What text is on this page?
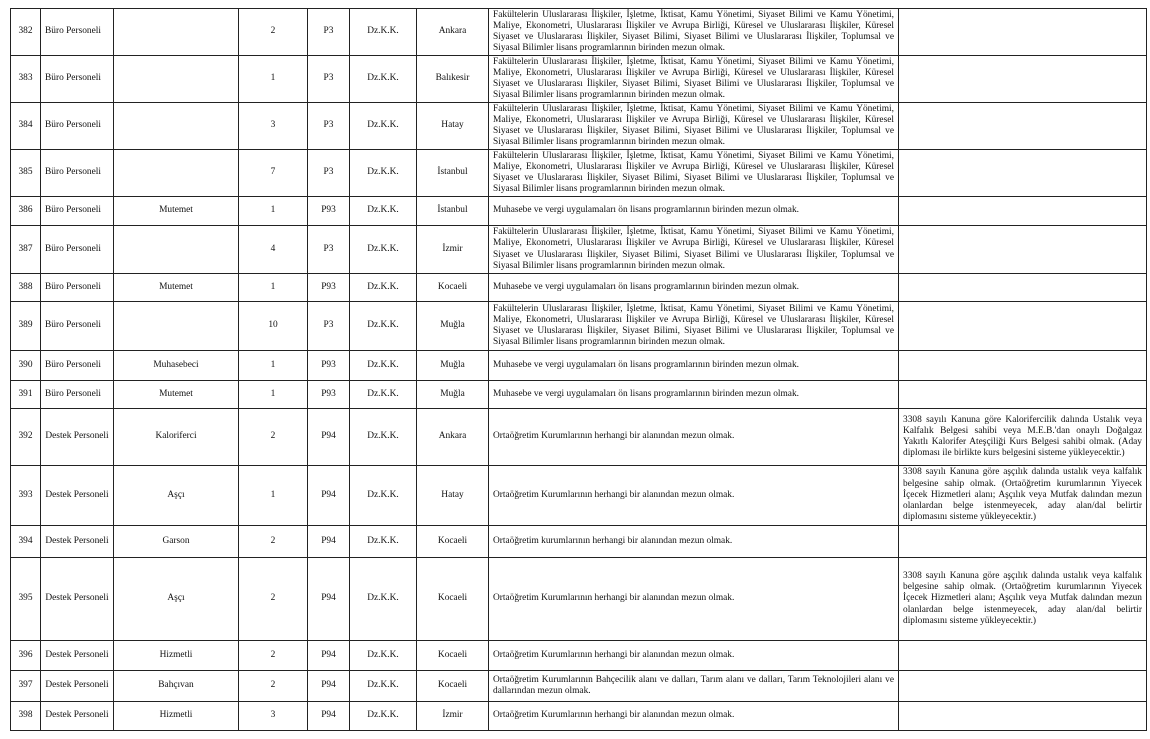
382	Büro Personeli		2	P3	Dz.K.K.	Ankara	Fakültelerin Uluslararası İlişkiler, İşletme, İktisat, Kamu Yönetimi, Siyaset Bilimi ve Kamu Yönetimi, Maliye, Ekonometri, Uluslararası İlişkiler ve Avrupa Birliği, Küresel ve Uluslararası İlişkiler, Küresel Siyaset ve Uluslararası İlişkiler, Siyaset Bilimi, Siyaset Bilimi ve Uluslararası İlişkiler, Toplumsal ve Siyasal Bilimler lisans programlarının birinden mezun olmak.	
383	Büro Personeli		1	P3	Dz.K.K.	Balıkesir	Fakültelerin Uluslararası İlişkiler, İşletme, İktisat, Kamu Yönetimi, Siyaset Bilimi ve Kamu Yönetimi, Maliye, Ekonometri, Uluslararası İlişkiler ve Avrupa Birliği, Küresel ve Uluslararası İlişkiler, Küresel Siyaset ve Uluslararası İlişkiler, Siyaset Bilimi, Siyaset Bilimi ve Uluslararası İlişkiler, Toplumsal ve Siyasal Bilimler lisans programlarının birinden mezun olmak.	
384	Büro Personeli		3	P3	Dz.K.K.	Hatay	Fakültelerin Uluslararası İlişkiler, İşletme, İktisat, Kamu Yönetimi, Siyaset Bilimi ve Kamu Yönetimi, Maliye, Ekonometri, Uluslararası İlişkiler ve Avrupa Birliği, Küresel ve Uluslararası İlişkiler, Küresel Siyaset ve Uluslararası İlişkiler, Siyaset Bilimi, Siyaset Bilimi ve Uluslararası İlişkiler, Toplumsal ve Siyasal Bilimler lisans programlarının birinden mezun olmak.	
385	Büro Personeli		7	P3	Dz.K.K.	İstanbul	Fakültelerin Uluslararası İlişkiler, İşletme, İktisat, Kamu Yönetimi, Siyaset Bilimi ve Kamu Yönetimi, Maliye, Ekonometri, Uluslararası İlişkiler ve Avrupa Birliği, Küresel ve Uluslararası İlişkiler, Küresel Siyaset ve Uluslararası İlişkiler, Siyaset Bilimi, Siyaset Bilimi ve Uluslararası İlişkiler, Toplumsal ve Siyasal Bilimler lisans programlarının birinden mezun olmak.	
386	Büro Personeli	Mutemet	1	P93	Dz.K.K.	İstanbul	Muhasebe ve vergi uygulamaları ön lisans programlarının birinden mezun olmak.	
387	Büro Personeli		4	P3	Dz.K.K.	İzmir	Fakültelerin Uluslararası İlişkiler, İşletme, İktisat, Kamu Yönetimi, Siyaset Bilimi ve Kamu Yönetimi, Maliye, Ekonometri, Uluslararası İlişkiler ve Avrupa Birliği, Küresel ve Uluslararası İlişkiler, Küresel Siyaset ve Uluslararası İlişkiler, Siyaset Bilimi, Siyaset Bilimi ve Uluslararası İlişkiler, Toplumsal ve Siyasal Bilimler lisans programlarının birinden mezun olmak.	
388	Büro Personeli	Mutemet	1	P93	Dz.K.K.	Kocaeli	Muhasebe ve vergi uygulamaları ön lisans programlarının birinden mezun olmak.	
389	Büro Personeli		10	P3	Dz.K.K.	Muğla	Fakültelerin Uluslararası İlişkiler, İşletme, İktisat, Kamu Yönetimi, Siyaset Bilimi ve Kamu Yönetimi, Maliye, Ekonometri, Uluslararası İlişkiler ve Avrupa Birliği, Küresel ve Uluslararası İlişkiler, Küresel Siyaset ve Uluslararası İlişkiler, Siyaset Bilimi, Siyaset Bilimi ve Uluslararası İlişkiler, Toplumsal ve Siyasal Bilimler lisans programlarının birinden mezun olmak.	
390	Büro Personeli	Muhasebeci	1	P93	Dz.K.K.	Muğla	Muhasebe ve vergi uygulamaları ön lisans programlarının birinden mezun olmak.	
391	Büro Personeli	Mutemet	1	P93	Dz.K.K.	Muğla	Muhasebe ve vergi uygulamaları ön lisans programlarının birinden mezun olmak.	
392	Destek Personeli	Kaloriferci	2	P94	Dz.K.K.	Ankara	Ortaöğretim Kurumlarının herhangi bir alanından mezun olmak.	3308 sayılı Kanuna göre Kalorifercilik dalında Ustalık veya Kalfalık Belgesi sahibi veya M.E.B.'dan onaylı Doğalgaz Yakıtlı Kalorifer Ateşçiliği Kurs Belgesi sahibi olmak. (Aday diploması ile birlikte kurs belgesini sisteme yükleyecektir.)
393	Destek Personeli	Aşçı	1	P94	Dz.K.K.	Hatay	Ortaöğretim Kurumlarının herhangi bir alanından mezun olmak.	3308 sayılı Kanuna göre aşçılık dalında ustalık veya kalfalık belgesine sahip olmak. (Ortaöğretim kurumlarının Yiyecek İçecek Hizmetleri alanı; Aşçılık veya Mutfak dalından mezun olanlardan belge istenmeyecek, aday alan/dal belirtir diplomasını sisteme yükleyecektir.)
394	Destek Personeli	Garson	2	P94	Dz.K.K.	Kocaeli	Ortaöğretim kurumlarının herhangi bir alanından mezun olmak.	
395	Destek Personeli	Aşçı	2	P94	Dz.K.K.	Kocaeli	Ortaöğretim Kurumlarının herhangi bir alanından mezun olmak.	3308 sayılı Kanuna göre aşçılık dalında ustalık veya kalfalık belgesine sahip olmak. (Ortaöğretim kurumlarının Yiyecek İçecek Hizmetleri alanı; Aşçılık veya Mutfak dalından mezun olanlardan belge istenmeyecek, aday alan/dal belirtir diplomasını sisteme yükleyecektir.)
396	Destek Personeli	Hizmetli	2	P94	Dz.K.K.	Kocaeli	Ortaöğretim Kurumlarının herhangi bir alanından mezun olmak.	
397	Destek Personeli	Bahçıvan	2	P94	Dz.K.K.	Kocaeli	Ortaöğretim Kurumlarının Bahçecilik alanı ve dalları, Tarım alanı ve dalları, Tarım Teknolojileri alanı ve dallarından mezun olmak.	
398	Destek Personeli	Hizmetli	3	P94	Dz.K.K.	İzmir	Ortaöğretim Kurumlarının herhangi bir alanından mezun olmak.	
